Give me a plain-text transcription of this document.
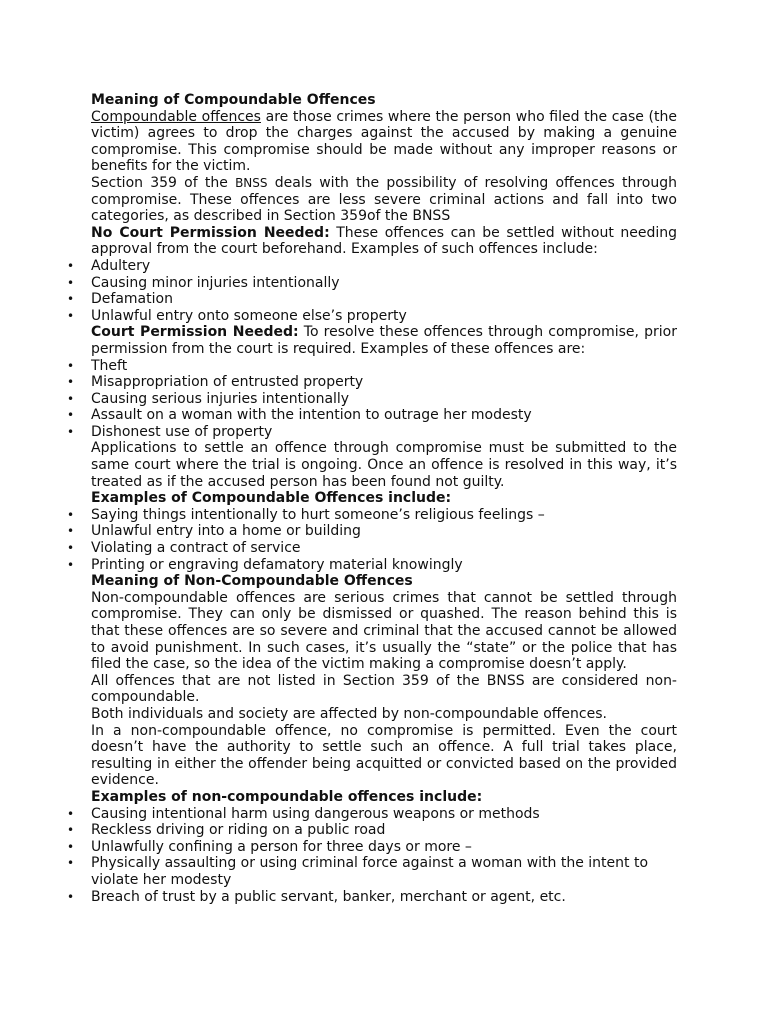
Meaning of Compoundable Offences

Compoundable offences are those crimes where the person who filed the case (the victim) agrees to drop the charges against the accused by making a genuine compromise. This compromise should be made without any improper reasons or benefits for the victim.

Section 359 of the BNSS deals with the possibility of resolving offences through compromise. These offences are less severe criminal actions and fall into two categories, as described in Section 359of the BNSS

No Court Permission Needed: These offences can be settled without needing approval from the court beforehand. Examples of such offences include:

• Adultery
• Causing minor injuries intentionally
• Defamation
• Unlawful entry onto someone else’s property

Court Permission Needed: To resolve these offences through compromise, prior permission from the court is required. Examples of these offences are:

• Theft
• Misappropriation of entrusted property
• Causing serious injuries intentionally
• Assault on a woman with the intention to outrage her modesty
• Dishonest use of property

Applications to settle an offence through compromise must be submitted to the same court where the trial is ongoing. Once an offence is resolved in this way, it’s treated as if the accused person has been found not guilty.

Examples of Compoundable Offences include:

• Saying things intentionally to hurt someone’s religious feelings –
• Unlawful entry into a home or building
• Violating a contract of service
• Printing or engraving defamatory material knowingly

Meaning of Non-Compoundable Offences

Non-compoundable offences are serious crimes that cannot be settled through compromise. They can only be dismissed or quashed. The reason behind this is that these offences are so severe and criminal that the accused cannot be allowed to avoid punishment. In such cases, it’s usually the “state” or the police that has filed the case, so the idea of the victim making a compromise doesn’t apply.

All offences that are not listed in Section 359 of the BNSS are considered non-compoundable.

Both individuals and society are affected by non-compoundable offences.

In a non-compoundable offence, no compromise is permitted. Even the court doesn’t have the authority to settle such an offence. A full trial takes place, resulting in either the offender being acquitted or convicted based on the provided evidence.

Examples of non-compoundable offences include:

• Causing intentional harm using dangerous weapons or methods
• Reckless driving or riding on a public road
• Unlawfully confining a person for three days or more –
• Physically assaulting or using criminal force against a woman with the intent to violate her modesty
• Breach of trust by a public servant, banker, merchant or agent, etc.
